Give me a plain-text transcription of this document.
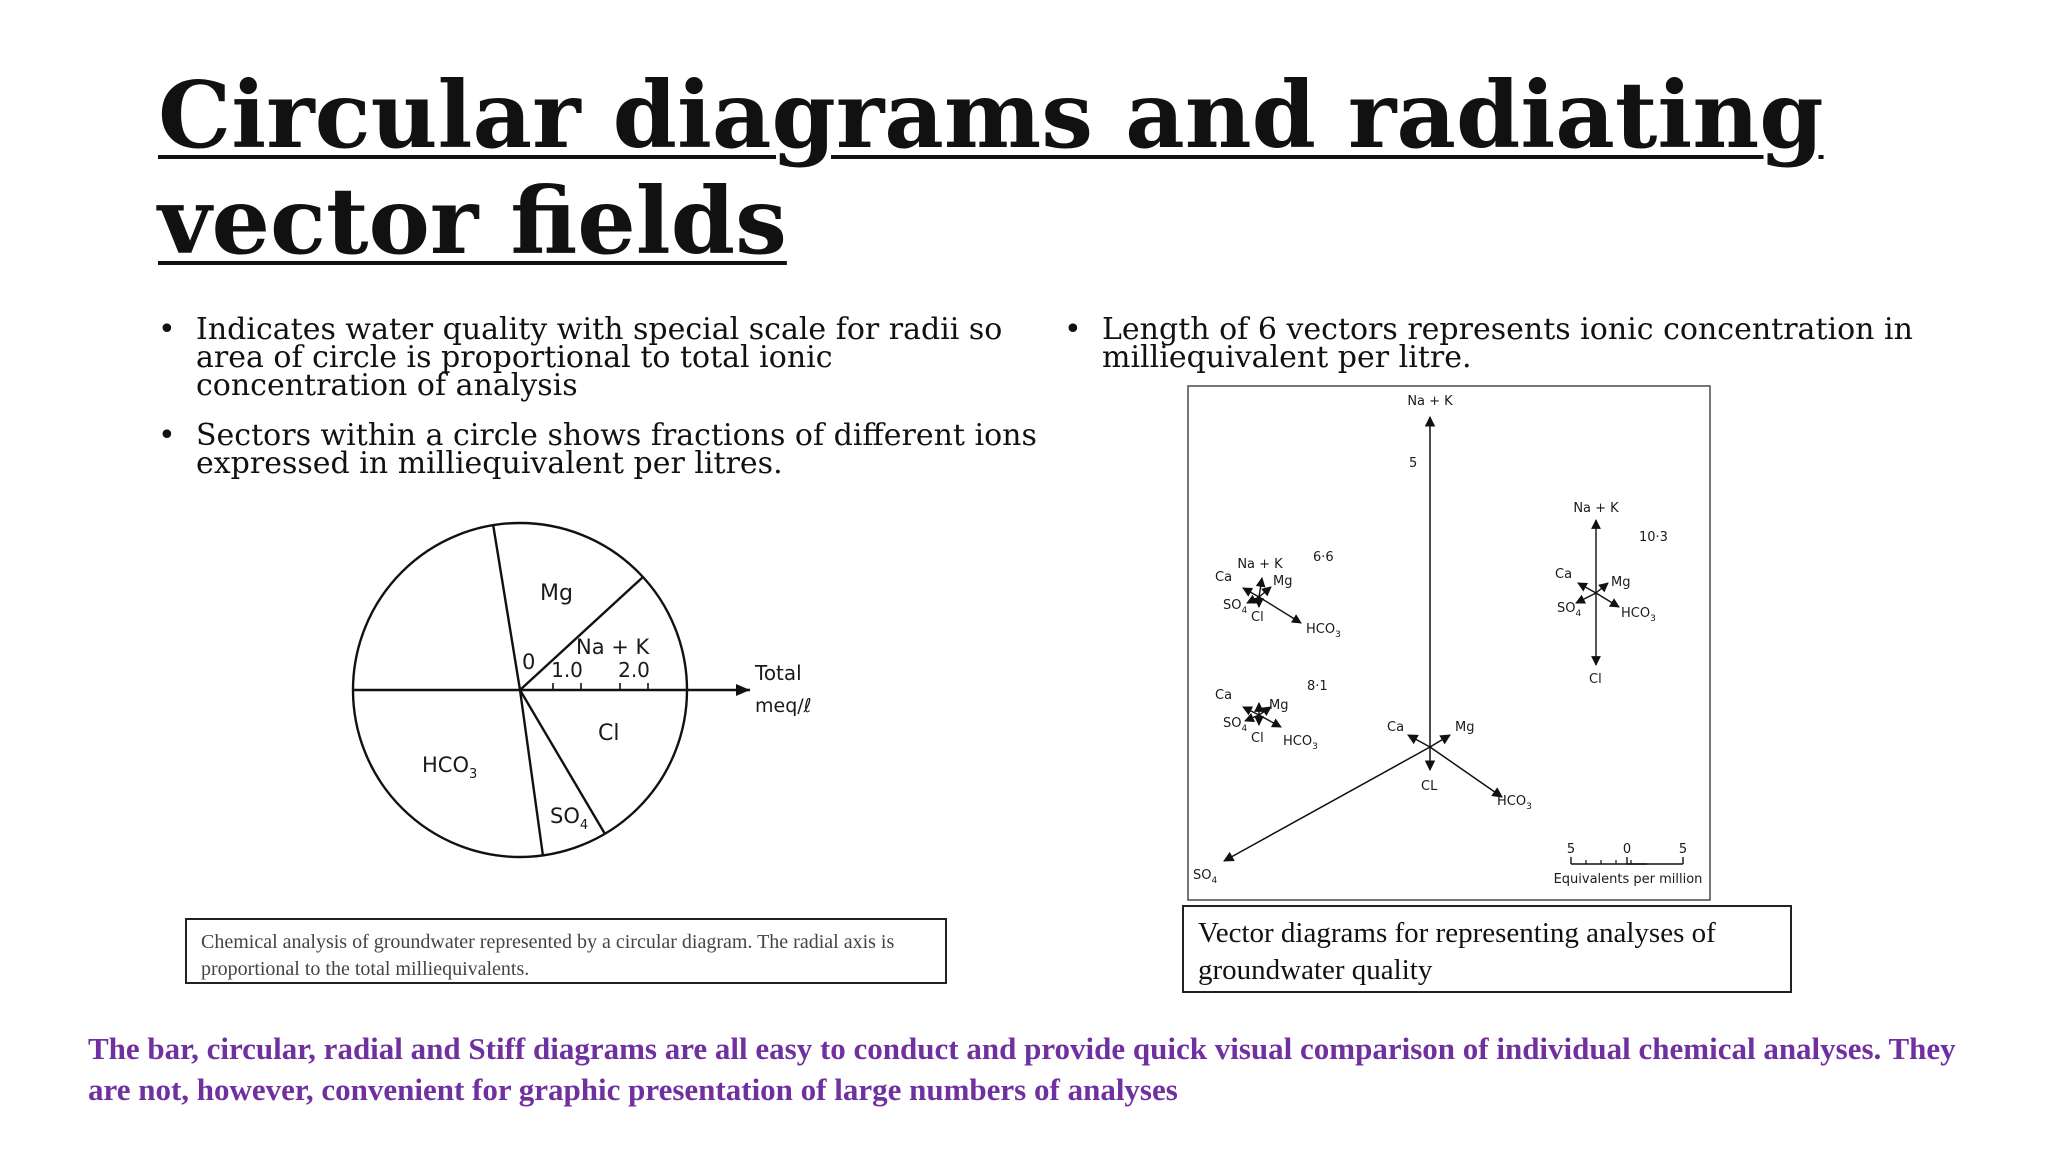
Circular diagrams and radiating vector fields
• Indicates water quality with special scale for radii so area of circle is proportional to total ionic concentration of analysis
• Sectors within a circle shows fractions of different ions expressed in milliequivalent per litres.
• Length of 6 vectors represents ionic concentration in milliequivalent per litre.
Mg
Na + K
Cl
$SO_4$
$HCO_3$
0 1.0 2.0	Total
meq/ℓ
Na + K
5
Ca	Mg
CL
$HCO_3$
$SO_4$
Na + K
10·3
Ca
Mg
$SO_4$	$HCO_3$
Cl
Na + K 6·6
Ca	Mg
$SO_4$ Cl
$HCO_3$
8·1
Ca
Mg
$SO_4$
Cl $HCO_3$
5	0	5
Equivalents per million
Chemical analysis of groundwater represented by a circular diagram. The radial axis is proportional to the total milliequivalents.
Vector diagrams for representing analyses of groundwater quality

The bar, circular, radial and Stiff diagrams are all easy to conduct and provide quick visual comparison of individual chemical analyses. They are not, however, convenient for graphic presentation of large numbers of analyses
